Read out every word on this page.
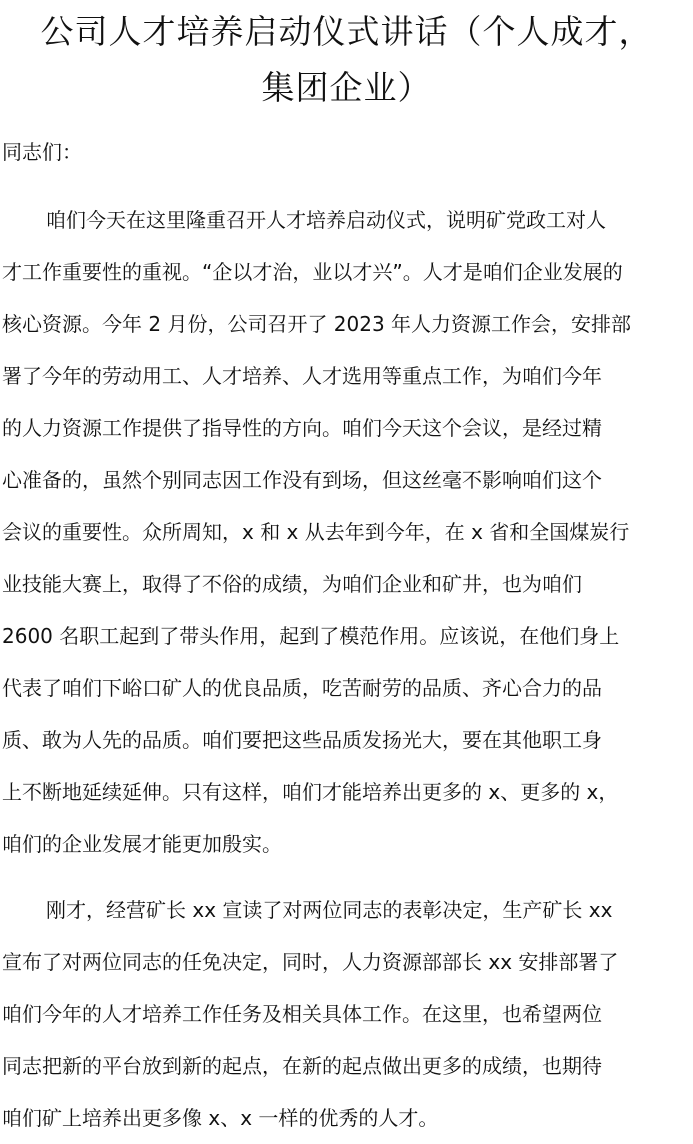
公司人才培养启动仪式讲话（个人成才，
集团企业）
同志们：

咱们今天在这里隆重召开人才培养启动仪式，说明矿党政工对人
才工作重要性的重视。“企以才治，业以才兴”。人才是咱们企业发展的
核心资源。今年 2 月份，公司召开了 2023 年人力资源工作会，安排部
署了今年的劳动用工、人才培养、人才选用等重点工作，为咱们今年
的人力资源工作提供了指导性的方向。咱们今天这个会议，是经过精
心准备的，虽然个别同志因工作没有到场，但这丝毫不影响咱们这个
会议的重要性。众所周知，x 和 x 从去年到今年，在 x 省和全国煤炭行
业技能大赛上，取得了不俗的成绩，为咱们企业和矿井，也为咱们
2600 名职工起到了带头作用，起到了模范作用。应该说，在他们身上
代表了咱们下峪口矿人的优良品质，吃苦耐劳的品质、齐心合力的品
质、敢为人先的品质。咱们要把这些品质发扬光大，要在其他职工身
上不断地延续延伸。只有这样，咱们才能培养出更多的 x、更多的 x，
咱们的企业发展才能更加殷实。

刚才，经营矿长 xx 宣读了对两位同志的表彰决定，生产矿长 xx
宣布了对两位同志的任免决定，同时，人力资源部部长 xx 安排部署了
咱们今年的人才培养工作任务及相关具体工作。在这里，也希望两位
同志把新的平台放到新的起点，在新的起点做出更多的成绩，也期待
咱们矿上培养出更多像 x、x 一样的优秀的人才。
